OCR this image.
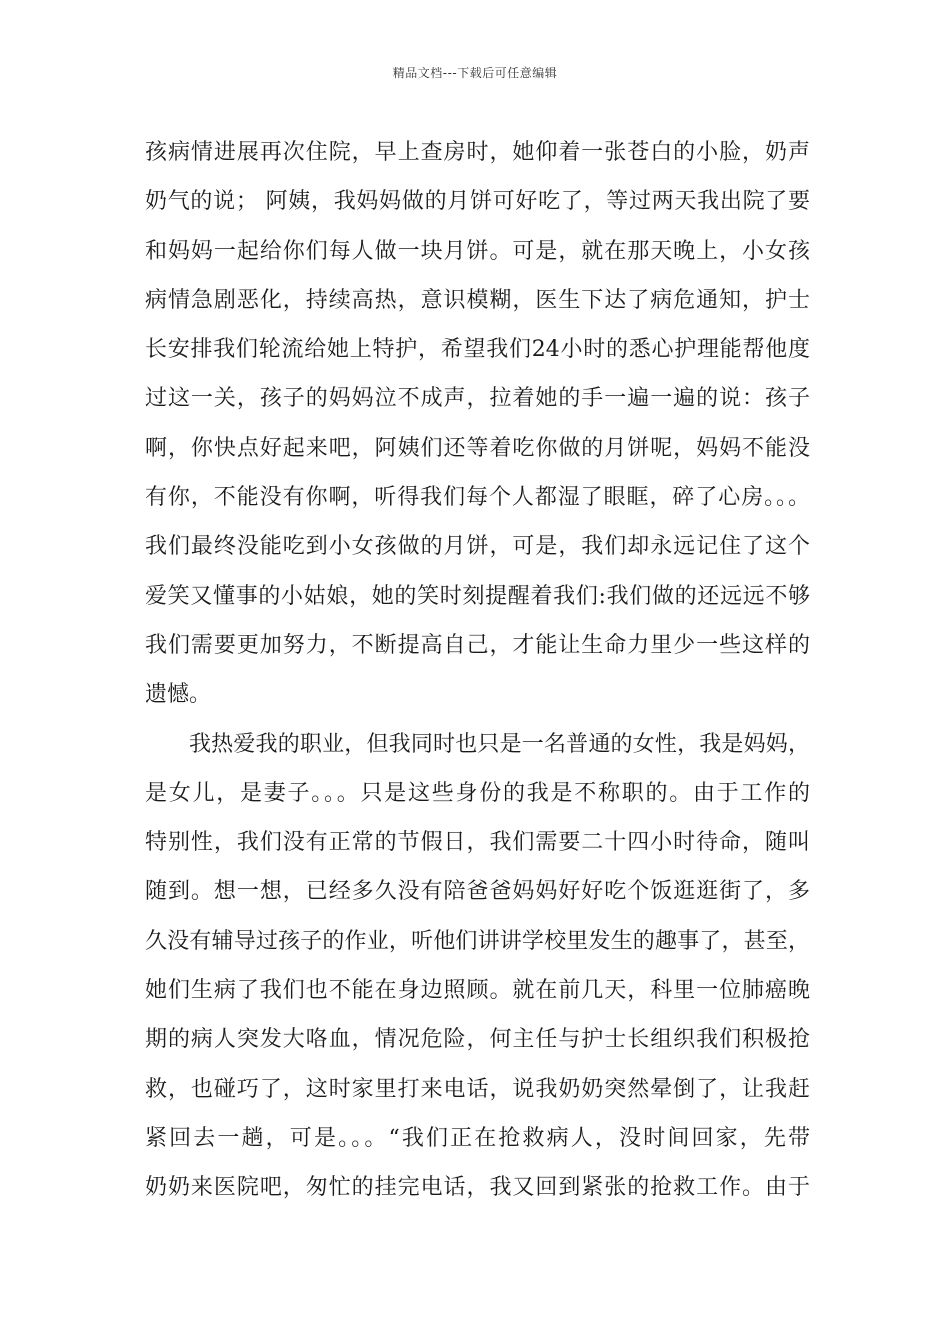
精品文档---下载后可任意编辑
孩病情进展再次住院，早上查房时，她仰着一张苍白的小脸，奶声
奶气的说； 阿姨，我妈妈做的月饼可好吃了，等过两天我出院了要
和妈妈一起给你们每人做一块月饼。可是，就在那天晚上，小女孩
病情急剧恶化，持续高热，意识模糊，医生下达了病危通知，护士
长安排我们轮流给她上特护，希望我们24小时的悉心护理能帮他度
过这一关，孩子的妈妈泣不成声，拉着她的手一遍一遍的说：孩子
啊，你快点好起来吧，阿姨们还等着吃你做的月饼呢，妈妈不能没
有你，不能没有你啊，听得我们每个人都湿了眼眶，碎了心房。。。
我们最终没能吃到小女孩做的月饼，可是，我们却永远记住了这个
爱笑又懂事的小姑娘，她的笑时刻提醒着我们:我们做的还远远不够
我们需要更加努力，不断提高自己，才能让生命力里少一些这样的
遗憾。
我热爱我的职业，但我同时也只是一名普通的女性，我是妈妈，
是女儿，是妻子。。。只是这些身份的我是不称职的。由于工作的
特别性，我们没有正常的节假日，我们需要二十四小时待命，随叫
随到。想一想，已经多久没有陪爸爸妈妈好好吃个饭逛逛街了，多
久没有辅导过孩子的作业，听他们讲讲学校里发生的趣事了，甚至，
她们生病了我们也不能在身边照顾。就在前几天，科里一位肺癌晚
期的病人突发大咯血，情况危险，何主任与护士长组织我们积极抢
救，也碰巧了，这时家里打来电话，说我奶奶突然晕倒了，让我赶
紧回去一趟，可是。。。“我们正在抢救病人，没时间回家，先带
奶奶来医院吧，匆忙的挂完电话，我又回到紧张的抢救工作。由于
